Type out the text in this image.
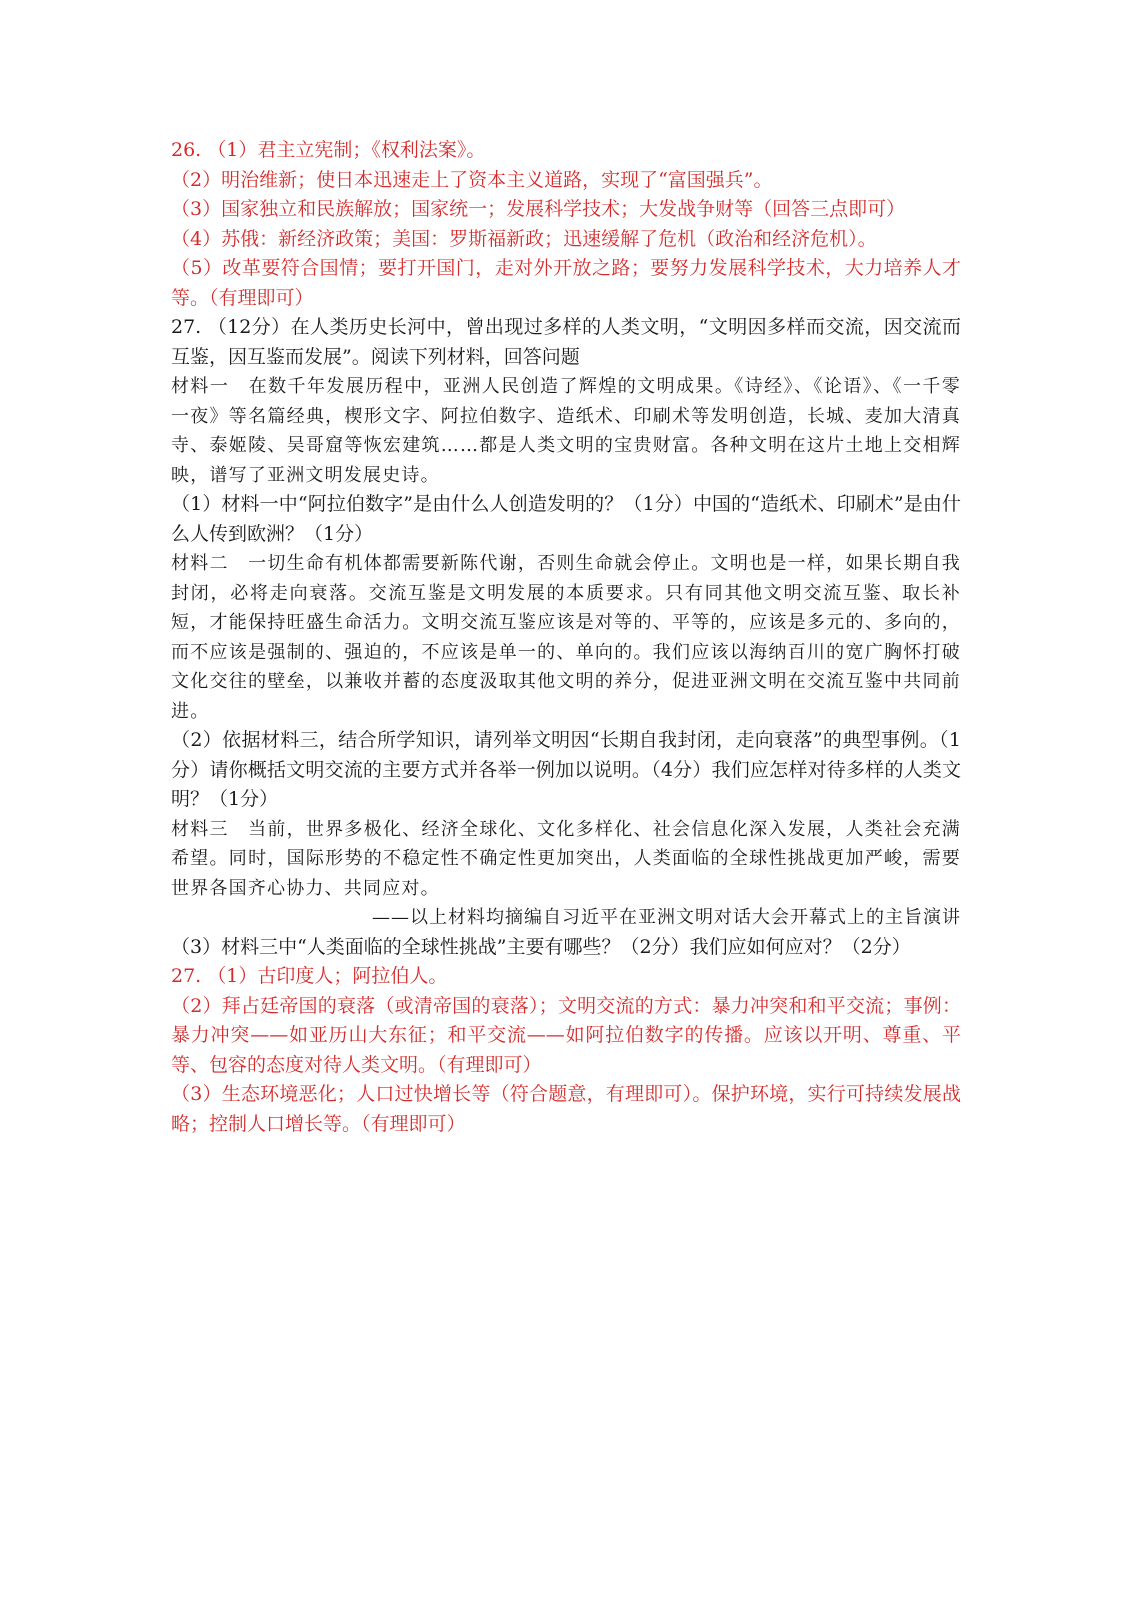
26. （1）君主立宪制；《权利法案》。
（2）明治维新；使日本迅速走上了资本主义道路，实现了“富国强兵”。
（3）国家独立和民族解放；国家统一；发展科学技术；大发战争财等（回答三点即可）
（4）苏俄：新经济政策；美国：罗斯福新政；迅速缓解了危机（政治和经济危机）。
（5）改革要符合国情；要打开国门，走对外开放之路；要努力发展科学技术，大力培养人才等。（有理即可）
27. （12分）在人类历史长河中，曾出现过多样的人类文明，“文明因多样而交流，因交流而互鉴，因互鉴而发展”。阅读下列材料，回答问题
材料一　在数千年发展历程中，亚洲人民创造了辉煌的文明成果。《诗经》、《论语》、《一千零一夜》等名篇经典，楔形文字、阿拉伯数字、造纸术、印刷术等发明创造，长城、麦加大清真寺、泰姬陵、吴哥窟等恢宏建筑……都是人类文明的宝贵财富。各种文明在这片土地上交相辉映，谱写了亚洲文明发展史诗。
（1）材料一中“阿拉伯数字”是由什么人创造发明的？（1分）中国的“造纸术、印刷术”是由什么人传到欧洲？（1分）
材料二　一切生命有机体都需要新陈代谢，否则生命就会停止。文明也是一样，如果长期自我封闭，必将走向衰落。交流互鉴是文明发展的本质要求。只有同其他文明交流互鉴、取长补短，才能保持旺盛生命活力。文明交流互鉴应该是对等的、平等的，应该是多元的、多向的，而不应该是强制的、强迫的，不应该是单一的、单向的。我们应该以海纳百川的宽广胸怀打破文化交往的壁垒，以兼收并蓄的态度汲取其他文明的养分，促进亚洲文明在交流互鉴中共同前进。
（2）依据材料三，结合所学知识，请列举文明因“长期自我封闭，走向衰落”的典型事例。（1分）请你概括文明交流的主要方式并各举一例加以说明。（4分）我们应怎样对待多样的人类文明？（1分）
材料三　当前，世界多极化、经济全球化、文化多样化、社会信息化深入发展，人类社会充满希望。同时，国际形势的不稳定性不确定性更加突出，人类面临的全球性挑战更加严峻，需要世界各国齐心协力、共同应对。
——以上材料均摘编自习近平在亚洲文明对话大会开幕式上的主旨演讲
（3）材料三中“人类面临的全球性挑战”主要有哪些？（2分）我们应如何应对？（2分）
27. （1）古印度人；阿拉伯人。
（2）拜占廷帝国的衰落（或清帝国的衰落）；文明交流的方式：暴力冲突和和平交流；事例：暴力冲突——如亚历山大东征；和平交流——如阿拉伯数字的传播。应该以开明、尊重、平等、包容的态度对待人类文明。（有理即可）
（3）生态环境恶化；人口过快增长等（符合题意，有理即可）。保护环境，实行可持续发展战略；控制人口增长等。（有理即可）
